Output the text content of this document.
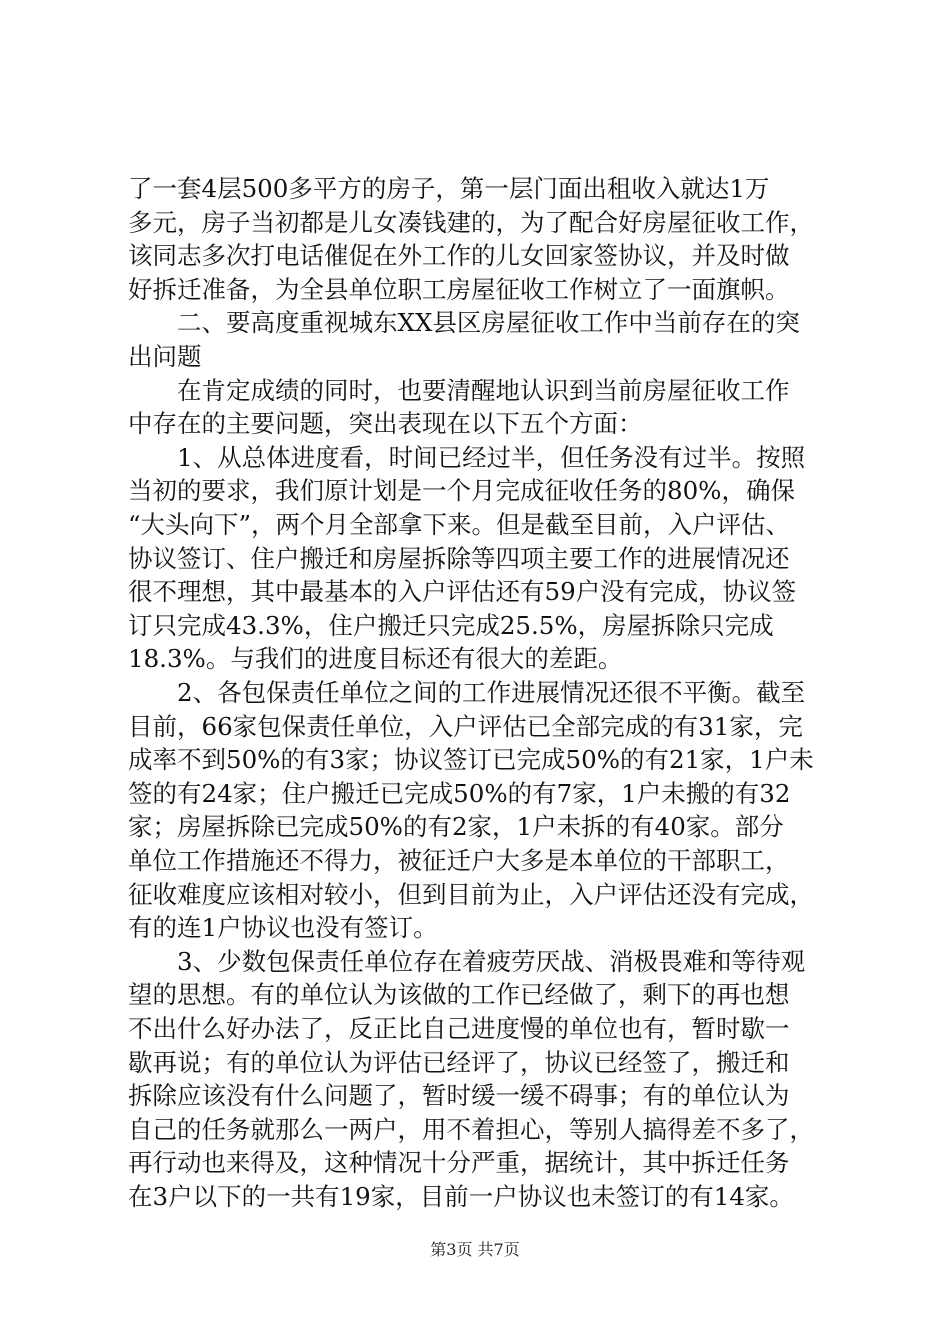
了一套4层500多平方的房子，第一层门面出租收入就达1万
多元，房子当初都是儿女凑钱建的，为了配合好房屋征收工作，
该同志多次打电话催促在外工作的儿女回家签协议，并及时做
好拆迁准备，为全县单位职工房屋征收工作树立了一面旗帜。
　　二、要高度重视城东XX县区房屋征收工作中当前存在的突
出问题
　　在肯定成绩的同时，也要清醒地认识到当前房屋征收工作
中存在的主要问题，突出表现在以下五个方面：
　　1、从总体进度看，时间已经过半，但任务没有过半。按照
当初的要求，我们原计划是一个月完成征收任务的80%，确保
“大头向下”，两个月全部拿下来。但是截至目前，入户评估、
协议签订、住户搬迁和房屋拆除等四项主要工作的进展情况还
很不理想，其中最基本的入户评估还有59户没有完成，协议签
订只完成43.3%，住户搬迁只完成25.5%，房屋拆除只完成
18.3%。与我们的进度目标还有很大的差距。
　　2、各包保责任单位之间的工作进展情况还很不平衡。截至
目前，66家包保责任单位，入户评估已全部完成的有31家，完
成率不到50%的有3家；协议签订已完成50%的有21家，1户未
签的有24家；住户搬迁已完成50%的有7家，1户未搬的有32
家；房屋拆除已完成50%的有2家，1户未拆的有40家。部分
单位工作措施还不得力，被征迁户大多是本单位的干部职工，
征收难度应该相对较小，但到目前为止，入户评估还没有完成，
有的连1户协议也没有签订。
　　3、少数包保责任单位存在着疲劳厌战、消极畏难和等待观
望的思想。有的单位认为该做的工作已经做了，剩下的再也想
不出什么好办法了，反正比自己进度慢的单位也有，暂时歇一
歇再说；有的单位认为评估已经评了，协议已经签了，搬迁和
拆除应该没有什么问题了，暂时缓一缓不碍事；有的单位认为
自己的任务就那么一两户，用不着担心，等别人搞得差不多了，
再行动也来得及，这种情况十分严重，据统计，其中拆迁任务
在3户以下的一共有19家，目前一户协议也未签订的有14家。
第3页 共7页
